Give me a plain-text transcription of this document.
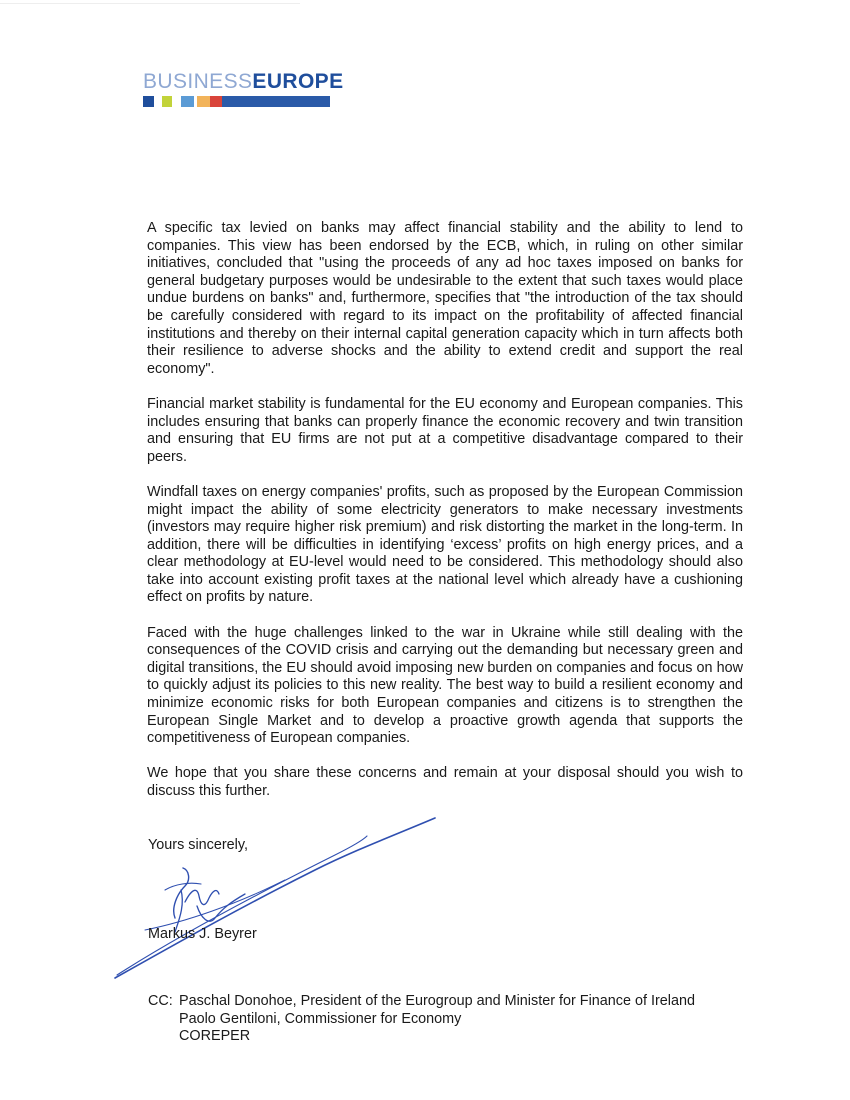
BUSINESSEUROPE

A specific tax levied on banks may affect financial stability and the ability to lend to companies. This view has been endorsed by the ECB, which, in ruling on other similar initiatives, concluded that "using the proceeds of any ad hoc taxes imposed on banks for general budgetary purposes would be undesirable to the extent that such taxes would place undue burdens on banks" and, furthermore, specifies that "the introduction of the tax should be carefully considered with regard to its impact on the profitability of affected financial institutions and thereby on their internal capital generation capacity which in turn affects both their resilience to adverse shocks and the ability to extend credit and support the real economy".

Financial market stability is fundamental for the EU economy and European companies. This includes ensuring that banks can properly finance the economic recovery and twin transition and ensuring that EU firms are not put at a competitive disadvantage compared to their peers.

Windfall taxes on energy companies' profits, such as proposed by the European Commission might impact the ability of some electricity generators to make necessary investments (investors may require higher risk premium) and risk distorting the market in the long-term. In addition, there will be difficulties in identifying ‘excess’ profits on high energy prices, and a clear methodology at EU-level would need to be considered. This methodology should also take into account existing profit taxes at the national level which already have a cushioning effect on profits by nature.

Faced with the huge challenges linked to the war in Ukraine while still dealing with the consequences of the COVID crisis and carrying out the demanding but necessary green and digital transitions, the EU should avoid imposing new burden on companies and focus on how to quickly adjust its policies to this new reality. The best way to build a resilient economy and minimize economic risks for both European companies and citizens is to strengthen the European Single Market and to develop a proactive growth agenda that supports the competitiveness of European companies.

We hope that you share these concerns and remain at your disposal should you wish to discuss this further.

Yours sincerely,
Markus J. Beyrer
CC: Paschal Donohoe, President of the Eurogroup and Minister for Finance of Ireland
Paolo Gentiloni, Commissioner for Economy
COREPER
